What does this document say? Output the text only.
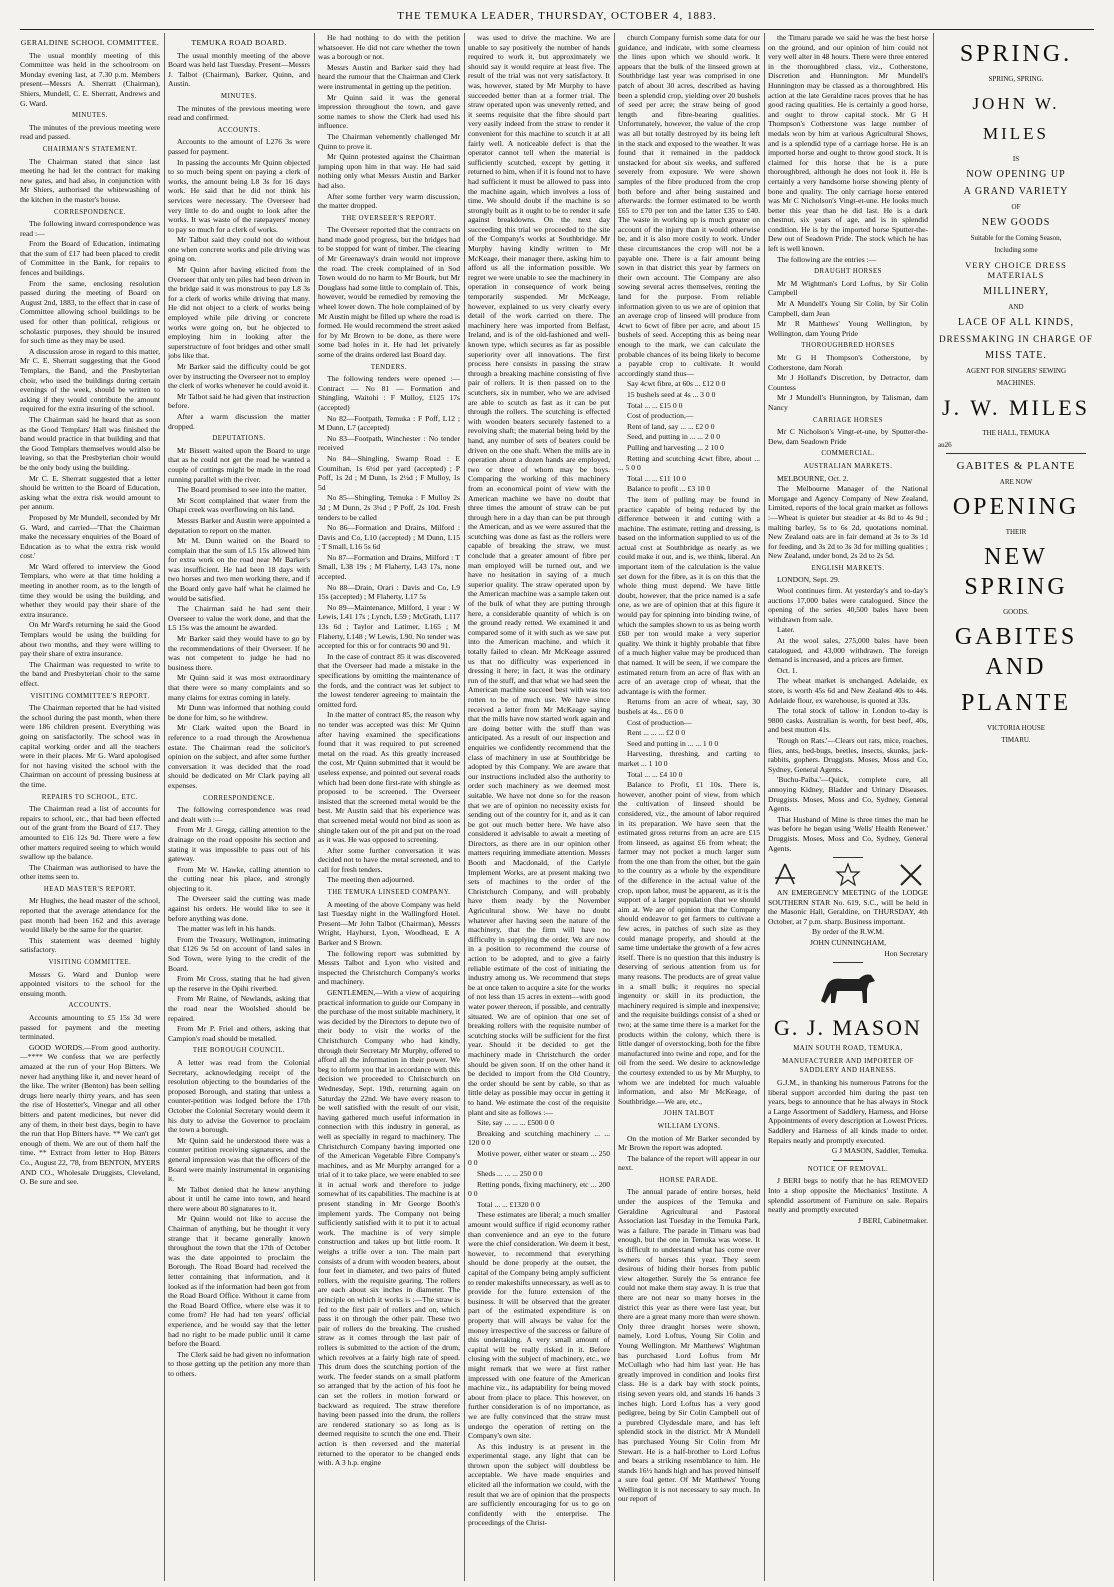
THE TEMUKA LEADER, THURSDAY, OCTOBER 4, 1883.
GERALDINE SCHOOL COMMITTEE.

The usual monthly meeting of this Committee was held in the schoolroom on Monday evening last, at 7.30 p.m. Members present—Messrs A. Sherratt (Chairman), Shiers, Mundell, C. E. Sherratt, Andrews and G. Ward.

MINUTES.

The minutes of the previous meeting were read and passed.

CHAIRMAN'S STATEMENT.

The Chairman stated that since last meeting he had let the contract for making new gates, and had also, in conjunction with Mr Shiers, authorised the whitewashing of the kitchen in the master's house.

CORRESPONDENCE.

The following inward correspondence was read :—

From the Board of Education, intimating that the sum of £17 had been placed to credit of Committee in the Bank, for repairs to fences and buildings.

From the same, enclosing resolution passed during the meeting of Board on August 2nd, 1883, to the effect that in case of Committee allowing school buildings to be used for other than political, religious or scholastic purposes, they should be insured for such time as they may be used.

A discussion arose in regard to this matter, Mr C. E. Sherratt suggesting that the Good Templars, the Band, and the Presbyterian choir, who used the buildings during certain evenings of the week, should be written to asking if they would contribute the amount required for the extra insuring of the school.

The Chairman said he heard that as soon as the Good Templars' Hall was finished the band would practice in that building and that the Good Templars themselves would also be leaving, so that the Presbyterian choir would be the only body using the building.

Mr C. E. Sherratt suggested that a letter should be written to the Board of Education, asking what the extra risk would amount to per annum.

Proposed by Mr Mundell, seconded by Mr G. Ward, and carried—'That the Chairman make the necessary enquiries of the Board of Education as to what the extra risk would cost.'

Mr Ward offered to interview the Good Templars, who were at that time holding a meeting in another room, as to the length of time they would be using the building, and whether they would pay their share of the extra insurance.

On Mr Ward's returning he said the Good Templars would be using the building for about two months, and they were willing to pay their share of extra insurance.

The Chairman was requested to write to the band and Presbyterian choir to the same effect.

VISITING COMMITTEE'S REPORT.

The Chairman reported that he had visited the school during the past month, when there were 186 children present. Everything was going on satisfactorily. The school was in capital working order and all the teachers were in their places. Mr G. Ward apologised for not having visited the school with the Chairman on account of pressing business at the time.

REPAIRS TO SCHOOL, ETC.

The Chairman read a list of accounts for repairs to school, etc., that had been effected out of the grant from the Board of £17. They amounted to £16 12s 9d. There were a few other matters required seeing to which would swallow up the balance.

The Chairman was authorised to have the other items seen to.

HEAD MASTER'S REPORT.

Mr Hughes, the head master of the school, reported that the average attendance for the past month had been 162 and this average would likely be the same for the quarter.

This statement was deemed highly satisfactory.

VISITING COMMITTEE.

Messrs G. Ward and Dunlop were appointed visitors to the school for the ensuing month.

ACCOUNTS.

Accounts amounting to £5 15s 3d were passed for payment and the meeting terminated.

GOOD WORDS.—From good authority.—**** We confess that we are perfectly amazed at the run of your Hop Bitters. We never had anything like it, and never heard of the like. The writer (Benton) has been selling drugs here nearly thirty years, and has seen the rise of Hostetter's, Vinegar and all other bitters and patent medicines, but never did any of them, in their best days, begin to have the run that Hop Bitters have. ** We can't get enough of them. We are out of them half the time. ** Extract from letter to Hop Bitters Co., August 22, '78, from BENTON, MYERS AND CO., Wholesale Druggists, Cleveland, O. Be sure and see.

TEMUKA ROAD BOARD.

The usual monthly meeting of the above Board was held last Tuesday. Present—Messrs J. Talbot (Chairman), Barker, Quinn, and Austin.

MINUTES.

The minutes of the previous meeting were read and confirmed.

ACCOUNTS.

Accounts to the amount of L276 3s were passed for payment.

In passing the accounts Mr Quinn objected to so much being spent on paying a clerk of works, the amount being L8 3s for 16 days work. He said that he did not think his services were necessary. The Overseer had very little to do and ought to look after the works. It was waste of the ratepayers' money to pay so much for a clerk of works.

Mr Talbot said they could not do without one when concrete works and pile driving was going on.

Mr Quinn after having elicited from the Overseer that only ten piles had been driven in the bridge said it was monstrous to pay L8 3s for a clerk of works while driving that many. He did not object to a clerk of works being employed while pile driving or concrete works were going on, but he objected to employing him in looking after the superstructure of foot bridges and other small jobs like that.

Mr Barker said the difficulty could be got over by instructing the Overseer not to employ the clerk of works whenever he could avoid it.

Mr Talbot said he had given that instruction before.

After a warm discussion the matter dropped.

DEPUTATIONS.

Mr Bissett waited upon the Board to urge that as he could not get the road he wanted a couple of cuttings might be made in the road running parallel with the river.

The Board promised to see into the matter.

Mr Scott complained that water from the Ohapi creek was overflowing on his land.

Messrs Barker and Austin were appointed a deputation to report on the matter.

Mr M. Dunn waited on the Board to complain that the sum of L5 15s allowed him for extra work on the road near Mr Barker's was insufficient. He had been 18 days with two horses and two men working there, and if the Board only gave half what he claimed he would be satisfied.

The Chairman said he had sent their Overseer to value the work done, and that the L5 15s was the amount he awarded.

Mr Barker said they would have to go by the recommendations of their Overseer. If he was not competent to judge he had no business there.

Mr Quinn said it was most extraordinary that there were so many complaints and so many claims for extras coming in lately.

Mr Dunn was informed that nothing could be done for him, so he withdrew.

Mr Clark waited upon the Board in reference to a road through the Arowhenua estate. The Chairman read the solicitor's opinion on the subject, and after some further conversation it was decided that the road should be dedicated on Mr Clark paying all expenses.

CORRESPONDENCE.

The following correspondence was read and dealt with :—

From Mr J. Gregg, calling attention to the drainage on the road opposite his section and stating it was impossible to pass out of his gateway.

From Mr W. Hawke, calling attention to the cutting near his place, and strongly objecting to it.

The Overseer said the cutting was made against his orders. He would like to see it before anything was done.

The matter was left in his hands.

From the Treasury, Wellington, intimating that £126 9s 5d on account of land sales in Sod Town, were lying to the credit of the Board.

From Mr Cross, stating that he had given up the reserve in the Opihi riverbed.

From Mr Raine, of Newlands, asking that the road near the Woolshed should be repaired.

From Mr P. Friel and others, asking that Campion's road should be metalled.

THE BOROUGH COUNCIL.

A letter was read from the Colonial Secretary, acknowledging receipt of the resolution objecting to the boundaries of the proposed Borough, and stating that unless a counter-petition was lodged before the 17th October the Colonial Secretary would deem it his duty to advise the Governor to proclaim the town a borough.

Mr Quinn said he understood there was a counter petition receiving signatures, and the general impression was that the officers of the Board were mainly instrumental in organising it.

Mr Talbot denied that he knew anything about it until he came into town, and heard there were about 80 signatures to it.

Mr Quinn would not like to accuse the Chairman of anything, but he thought it very strange that it became generally known throughout the town that the 17th of October was the date appointed to proclaim the Borough. The Road Board had received the letter containing that information, and it looked as if the information had been got from the Road Board Office. Without it came from the Road Board Office, where else was it to come from? He had had ten years' official experience, and he would say that the letter had no right to be made public until it came before the Board.

The Clerk said he had given no information to those getting up the petition any more than to others.

He had nothing to do with the petition whatsoever. He did not care whether the town was a borough or not.

Messrs Austin and Barker said they had heard the rumour that the Chairman and Clerk were instrumental in getting up the petition.

Mr Quinn said it was the general impression throughout the town, and gave some names to show the Clerk had used his influence.

The Chairman vehemently challenged Mr Quinn to prove it.

Mr Quinn protested against the Chairman jumping upon him in that way. He had said nothing only what Messrs Austin and Barker had also.

After some further very warm discussion, the matter dropped.

THE OVERSEER'S REPORT.

The Overseer reported that the contracts on hand made good progress, but the bridges had to be stopped for want of timber. The clearing of Mr Greenaway's drain would not improve the road. The creek complained of in Sod Town would do no harm to Mr Bourk, but Mr Douglass had some little to complain of. This, however, would be remedied by removing the wheel lower down. The hole complained of by Mr Austin might be filled up where the road is formed. He would recommend the street asked for by Mr Brown to be done, as there were some bad holes in it. He had let privately some of the drains ordered last Board day.

TENDERS.

The following tenders were opened :— Contract — No 81 — Formation and Shingling, Waitohi : F Mulloy, £125 17s (accepted)

No 82—Footpath, Temuka : F Poff, L12 ; M Dunn, L7 (accepted)

No 83—Footpath, Winchester : No tender received

No 84—Shingling, Swamp Road : E Coumihan, 1s 6½d per yard (accepted) ; P Poff, 1s 2d ; M Dunn, 1s 2½d ; F Mulloy, 1s 5d

No 85—Shingling, Temuka : F Mulloy 2s 3d ; M Dunn, 2s 3¼d ; P Poff, 2s 10d. Fresh tenders to be called

No 86—Formation and Drains, Milford : Davis and Co, L10 (accepted) ; M Dunn, L15 ; T Small, L16 5s 6d

No 87—Formation and Drains, Milford : T Small, L38 19s ; M Flaherty, L43 17s, none accepted.

No 88—Drain, Orari : Davis and Co, L9 15s (accepted) ; M Flaherty, L17 5s

No 89—Maintenance, Milford, 1 year : W Lewis, L41 17s ; Lynch, L59 ; McGrath, L117 13s 6d ; Taylor and Latimer, L165 ; M Flaherty, L148 ; W Lewis, L90. No tender was accepted for this or for contracts 90 and 91.

In the case of contract 85 it was discovered that the Overseer had made a mistake in the specifications by omitting the maintenance of the fords, and the contract was let subject to the lowest tenderer agreeing to maintain the omitted ford.

In the matter of contract 85, the reason why no tender was accepted was this: Mr Quinn after having examined the specifications found that it was required to put screened metal on the road. As this greatly increased the cost, Mr Quinn submitted that it would be useless expense, and pointed out several roads which had been done first-rate with shingle as proposed to be screened. The Overseer insisted that the screened metal would be the best. Mr Austin said that his experience was that screened metal would not bind as soon as shingle taken out of the pit and put on the road as it was. He was opposed to screening.

After some further conversation it was decided not to have the metal screened, and to call for fresh tenders.

The meeting then adjourned.

THE TEMUKA LINSEED COMPANY.

A meeting of the above Company was held last Tuesday night in the Wallingford Hotel. Present—Mr John Talbot (Chairman), Messrs Wright, Hayhurst, Lyon, Woodhead, E A Barker and S Brown.

The following report was submitted by Messrs Talbot and Lyon who visited and inspected the Christchurch Company's works and machinery.

GENTLEMEN,—With a view of acquiring practical information to guide our Company in the purchase of the most suitable machinery, it was decided by the Directors to depute two of their body to visit the works of the Christchurch Company who had kindly, through their Secretary Mr Murphy, offered to afford all the information in their power. We beg to inform you that in accordance with this decision we proceeded to Christchurch on Wednesday, Sept. 19th, returning again on Saturday the 22nd. We have every reason to be well satisfied with the result of our visit, having gathered much useful information in connection with this industry in general, as well as specially in regard to machinery. The Christchurch Company having imported one of the American Vegetable Fibre Company's machines, and as Mr Murphy arranged for a trial of it to take place, we were enabled to see it in actual work and therefore to judge somewhat of its capabilities. The machine is at present standing in Mr George Booth's implement yards. The Company not being sufficiently satisfied with it to put it to actual work. The machine is of very simple construction and takes up but little room. It weighs a trifle over a ton. The main part consists of a drum with wooden beaters, about four feet in diameter, and two pairs of fluted rollers, with the requisite gearing. The rollers are each about six inches in diameter. The principle on which it works is :—The straw is fed to the first pair of rollers and on, which pass it on through the other pair. These two pair of rollers do the breaking. The crushed straw as it comes through the last pair of rollers is submitted to the action of the drum, which revolves at a fairly high rate of speed. This drum does the scutching portion of the work. The feeder stands on a small platform so arranged that by the action of his foot he can set the rollers in motion forward or backward as required. The straw therefore having been passed into the drum, the rollers are rendered stationary so as long as is deemed requisite to scutch the one end. Their action is then reversed and the material returned to the operator to be changed ends with. A 3 h.p. engine

was used to drive the machine. We are unable to say positively the number of hands required to work it, but approximately we should say it would require at least five. The result of the trial was not very satisfactory. It was, however, stated by Mr Murphy to have succeeded better than at a former trial. The straw operated upon was unevenly retted, and it seems requisite that the fibre should part very easily indeed from the straw to render it convenient for this machine to scutch it at all fairly well. A noticeable defect is that the operator cannot tell when the material is sufficiently scutched, except by getting it returned to him, when if it is found not to have had sufficient it must be allowed to pass into the machine again, which involves a loss of time. We should doubt if the machine is so strongly built as it ought to be to render it safe against breakdowns. On the next day succeeding this trial we proceeded to the site of the Company's works at Southbridge. Mr Murphy having kindly written to Mr McKeage, their manager there, asking him to afford us all the information possible. We regret we were unable to see the machinery in operation in consequence of work being temporarily suspended. Mr McKeage, however, explained to us very clearly every detail of the work carried on there. The machinery here was imported from Belfast, Ireland, and is of the old-fashioned and well-known type, which secures as far as possible superiority over all innovations. The first process here consists in passing the straw through a breaking machine consisting of five pair of rollers. It is then passed on to the scutchers, six in number, who we are advised are able to scutch as fast as it can be put through the rollers. The scutching is effected with wooden beaters securely fastened to a revolving shaft; the material being held by the hand, any number of sets of beaters could be driven on the one shaft. When the mills are in operation about a dozen hands are employed, two or three of whom may be boys. Comparing the working of this machinery from an economical point of view with the American machine we have no doubt that three times the amount of straw can be put through here in a day than can be put through the American, and as we were assured that the scutching was done as fast as the rollers were capable of breaking the straw, we must conclude that a greater amount of fibre per man employed will be turned out, and we have no hesitation in saying of a much superior quality. The straw operated upon by the American machine was a sample taken out of the bulk of what they are putting through here, a considerable quantity of which is on the ground ready retted. We examined it and compared some of it with such as we saw put into the American machine, and which it totally failed to clean. Mr McKeage assured us that no difficulty was experienced in dressing it here; in fact, it was the ordinary run of the stuff, and that what we had seen the American machine succeed best with was too rotten to be of much use. We have since received a letter from Mr McKeage saying that the mills have now started work again and are doing better with the stuff than was anticipated. As a result of our inspection and enquiries we confidently recommend that the class of machinery in use at Southbridge be adopted by this Company. We are aware that our instructions included also the authority to order such machinery as we deemed most suitable. We have not done so for the reason that we are of opinion no necessity exists for sending out of the country for it, and as it can be got out much better here. We have also considered it advisable to await a meeting of Directors, as there are in our opinion other matters requiring immediate attention. Messrs Booth and Macdonald, of the Carlyle Implement Works, are at present making two sets of machines to the order of the Christchurch Company, and will probably have them ready by the November Agricultural show. We have no doubt whatever after having seen the nature of the machinery, that the firm will have no difficulty in supplying the order. We are now in a position to recommend the course of action to be adopted, and to give a fairly reliable estimate of the cost of initiating the industry among us. We recommend that steps be at once taken to acquire a site for the works of not less than 15 acres in extent—with good water power thereon, if possible, and centrally situated. We are of opinion that one set of breaking rollers with the requisite number of scutching stocks will be sufficient for the first year. Should it be decided to get the machinery made in Christchurch the order should be given soon. If on the other hand it be decided to import from the Old Country, the order should be sent by cable, so that as little delay as possible may occur in getting it to hand. We estimate the cost of the requisite plant and site as follows :—

Site, say ... ... ... £500 0 0

Breaking and scutching machinery ... ... 120 0 0

Motive power, either water or steam ... 250 0 0

Sheds ... ... ... 250 0 0

Retting ponds, fixing machinery, etc ... 200 0 0

Total ... ... £1320 0 0

These estimates are liberal; a much smaller amount would suffice if rigid economy rather than convenience and an eye to the future were the chief consideration. We deem it best, however, to recommend that everything should be done properly at the outset, the capital of the Company being amply sufficient to render makeshifts unnecessary, as well as to provide for the future extension of the business. It will be observed that the greater part of the estimated expenditure is on property that will always be value for the money irrespective of the success or failure of this undertaking. A very small amount of capital will be really risked in it. Before closing with the subject of machinery, etc., we might remark that we were at first rather impressed with one feature of the American machine viz., its adaptability for being moved about from place to place. This however, on further consideration is of no importance, as we are fully convinced that the straw must undergo the operation of retting on the Company's own site.

As this industry is at present in the experimental stage, any light that can be thrown upon the subject will doubtless be acceptable. We have made enquiries and elicited all the information we could, with the result that we are of opinion that the prospects are sufficiently encouraging for us to go on confidently with the enterprise. The proceedings of the Christ-

church Company furnish some data for our guidance, and indicate, with some clearness the lines upon which we should work. It appears that the bulk of the linseed grown at Southbridge last year was comprised in one patch of about 30 acres, described as having been a splendid crop, yielding over 20 bushels of seed per acre; the straw being of good length and fibre-bearing qualities. Unfortunately, however, the value of the crop was all but totally destroyed by its being left in the stack and exposed to the weather. It was found that it remained in the paddock unstacked for about six weeks, and suffered severely from exposure. We were shown samples of the fibre produced from the crop both before and after being sustained and afterwards: the former estimated to be worth £65 to £70 per ton and the latter £35 to £40. The waste in working up is much greater on account of the injury than it would otherwise be, and it is also more costly to work. Under these circumstances the crop will not be a payable one. There is a fair amount being sown in that district this year by farmers on their own account. The Company are also sowing several acres themselves, renting the land for the purpose. From reliable information given to us we are of opinion that an average crop of linseed will produce from 4cwt to 6cwt of fibre per acre, and about 15 bushels of seed. Accepting this as being near enough to the mark, we can calculate the probable chances of its being likely to become a payable crop to cultivate. It would accordingly stand thus—

Say 4cwt fibre, at 60s ... £12 0 0

15 bushels seed at 4s ... 3 0 0

Total ... ... £15 0 0

Cost of production,—

Rent of land, say ... ... £2 0 0

Seed, and putting in ... ... 2 0 0

Pulling and harvesting ... 2 10 0

Retting and scutching 4cwt fibre, about ... ... 5 0 0

Total ... ... £11 10 0

Balance to profit ... £3 10 0

The item of pulling may be found in practice capable of being reduced by the difference between it and cutting with a machine. The estimate, retting and dressing, is based on the information supplied to us of the actual cost at Southbridge as nearly as we could make it out, and is, we think, liberal. An important item of the calculation is the value set down for the fibre, as it is on this that the whole thing must depend. We have little doubt, however, that the price named is a safe one, as we are of opinion that at this figure it would pay for spinning into binding twine, of which the samples shown to us as being worth £60 per ton would make a very superior quality. We think it highly probable that fibre of a much higher value may be produced than that named. It will be seen, if we compare the estimated return from an acre of flax with an acre of an average crop of wheat, that the advantage is with the former.

Returns from an acre of wheat, say, 30 bushels at 4s... £6 0 0

Cost of production—

Rent ... ... ... £2 0 0

Seed and putting in ... ... 1 0 0

Harvesting, threshing, and carting to market ... 1 10 0

Total ... ... £4 10 0

Balance to Profit, £1 10s. There is, however, another point of view, from which the cultivation of linseed should be considered, viz., the amount of labor required in its preparation. We have seen that the estimated gross returns from an acre are £15 from linseed, as against £6 from wheat; the farmer may not pocket a much larger sum from the one than from the other, but the gain to the country as a whole by the expenditure of the difference in the actual value of the crop, upon labor, must be apparent, as it is the support of a larger population that we should aim at. We are of opinion that the Company should endeavor to get farmers to cultivate a few acres, in patches of such size as they could manage properly, and should at the same time undertake the growth of a few acres itself. There is no question that this industry is deserving of serious attention from us for many reasons. The products are of great value in a small bulk; it requires no special ingenuity or skill in its production, the machinery required is simple and inexpensive; and the requisite buildings consist of a shed or two; at the same time there is a market for the products within the colony, which there is little danger of overstocking, both for the fibre manufactured into twine and rope, and for the oil from the seed. We desire to acknowledge the courtesy extended to us by Mr Murphy, to whom we are indebted for much valuable information, and also Mr McKeage, of Southbridge.—We are, etc.,

JOHN TALBOT
WILLIAM LYONS.

On the motion of Mr Barker seconded by Mr Brown the report was adopted.

The balance of the report will appear in our next.

HORSE PARADE.

The annual parade of entire horses, held under the auspices of the Temuka and Geraldine Agricultural and Pastoral Association last Tuesday in the Temuka Park, was a failure. The parade in Timaru was bad enough, but the one in Temuka was worse. It is difficult to understand what has come over owners of horses this year. They seem desirous of hiding their horses from public view altogether. Surely the 5s entrance fee could not make them stay away. It is true that there are not near so many horses in the district this year as there were last year, but there are a great many more than were shown. Only three draught horses were shown, namely, Lord Loftus, Young Sir Colin and Young Wellington. Mr Matthews' Wightman has purchased Lord Loftus from Mr McCullagh who had him last year. He has greatly improved in condition and looks first class. He is a dark bay with stock points, rising seven years old, and stands 16 hands 3 inches high. Lord Loftus has a very good pedigree, being by Sir Colin Campbell out of a purebred Clydesdale mare, and has left splendid stock in the district. Mr A Mundell has purchased Young Sir Colin from Mr Stewart. He is a half-brother to Lord Loftus and bears a striking resemblance to him. He stands 16½ hands high and has proved himself a sure foal getter. Of Mr Matthews' Young Wellington it is not necessary to say much. In our report of

the Timaru parade we said he was the best horse on the ground, and our opinion of him could not very well alter in 48 hours. There were three entered in the thoroughbred class, viz., Cotherstone, Discretion and Hunnington. Mr Mundell's Hunnington may be classed as a thoroughbred. His action at the late Geraldine races proves that he has good racing qualities. He is certainly a good horse, and ought to throw capital stock. Mr G H Thompson's Cotherstone was large number of medals won by him at various Agricultural Shows, and is a splendid type of a carriage horse. He is an imported horse and ought to throw good stock. It is claimed for this horse that he is a pure thoroughbred, although he does not look it. He is certainly a very handsome horse showing plenty of bone and quality. The only carriage horse entered was Mr C Nicholson's Vingt-et-une. He looks much better this year than he did last. He is a dark chestnut, six years of age, and is in splendid condition. He is by the imported horse Sputter-the-Dew out of Seadown Pride. The stock which he has left is well known.

The following are the entries :—

DRAUGHT HORSES

Mr M Wightman's Lord Loftus, by Sir Colin Campbell

Mr A Mundell's Young Sir Colin, by Sir Colin Campbell, dam Jean

Mr R Matthews' Young Wellington, by Wellington, dam Young Pride

THOROUGHBRED HORSES

Mr G H Thompson's Cotherstone, by Cotherstone, dam Norah

Mr J Holland's Discretion, by Detractor, dam Countess

Mr J Mundell's Hunnington, by Talisman, dam Nancy

CARRIAGE HORSES

Mr C Nicholson's Vingt-et-une, by Sputter-the-Dew, dam Seadown Pride

COMMERCIAL.
AUSTRALIAN MARKETS.

MELBOURNE, Oct. 2.

The Melbourne Manager of the National Mortgage and Agency Company of New Zealand, Limited, reports of the local grain market as follows :—Wheat is quieter but steadier at 4s 8d to 4s 9d ; malting barley, 5s to 6s 2d, quotations nominal. New Zealand oats are in fair demand at 3s to 3s 1d for feeding, and 3s 2d to 3s 3d for milling qualities ; New Zealand, under bond, 2s 2d to 2s 5d.

ENGLISH MARKETS.

LONDON, Sept. 29.

Wool continues firm. At yesterday's and to-day's auctions 17,000 bales were catalogued. Since the opening of the series 40,500 bales have been withdrawn from sale.

Later.

At the wool sales, 275,000 bales have been catalogued, and 43,000 withdrawn. The foreign demand is increased, and a prices are firmer.

Oct. 1.

The wheat market is unchanged. Adelaide, ex store, is worth 45s 6d and New Zealand 40s to 44s. Adelaide flour, ex warehouse, is quoted at 33s.

The total stock of tallow in London to-day is 9800 casks. Australian is worth, for best beef, 40s, and best mutton 41s.

'Rough on Rats.'—Clears out rats, mice, roaches, flies, ants, bed-bugs, beetles, insects, skunks, jack-rabbits, gophers. Druggists. Moses, Moss and Co, Sydney, General Agents.

'Buchu-Paiba.'—Quick, complete cure, all annoying Kidney, Bladder and Urinary Diseases. Druggists. Moses, Moss and Co, Sydney, General Agents.

That Husband of Mine is three times the man he was before he began using 'Wells' Health Renewer.' Druggists. Moses, Moss and Co, Sydney, General Agents.

AN EMERGENCY MEETING of the LODGE SOUTHERN STAR No. 619, S.C., will be held in the Masonic Hall, Geraldine, on THURSDAY, 4th October, at 7 p.m. sharp. Business important.

By order of the R.W.M.

JOHN CUNNINGHAM,

Hon Secretary

G. J. MASON
MAIN SOUTH ROAD, TEMUKA,
MANUFACTURER AND IMPORTER OF SADDLERY AND HARNESS.

G.J.M., in thanking his numerous Patrons for the liberal support accorded him during the past ten years, begs to announce that he has always in Stock a Large Assortment of Saddlery, Harness, and Horse Appointments of every description at Lowest Prices. Saddlery and Harness of all kinds made to order. Repairs neatly and promptly executed.

G J MASON, Saddler, Temuka.

NOTICE OF REMOVAL.

J BERI begs to notify that he has REMOVED Into a shop opposite the Mechanics' Institute. A splendid assortment of Furniture on sale. Repairs neatly and promptly executed

J BERI, Cabinetmaker.

SPRING.
SPRING, SPRING.
JOHN W. MILES
IS
NOW OPENING UP
A GRAND VARIETY
OF
NEW GOODS
Suitable for the Coming Season,
Including some
VERY CHOICE DRESS MATERIALS
MILLINERY,
AND
LACE OF ALL KINDS,
DRESSMAKING IN CHARGE OF
MISS TATE.
AGENT FOR SINGERS' SEWING
MACHINES.
J. W. MILES
THE HALL, TEMUKA
au26
GABITES & PLANTE
ARE NOW
OPENING
THEIR
NEW SPRING
GOODS.
GABITES AND
PLANTE
VICTORIA HOUSE
TIMARU.
